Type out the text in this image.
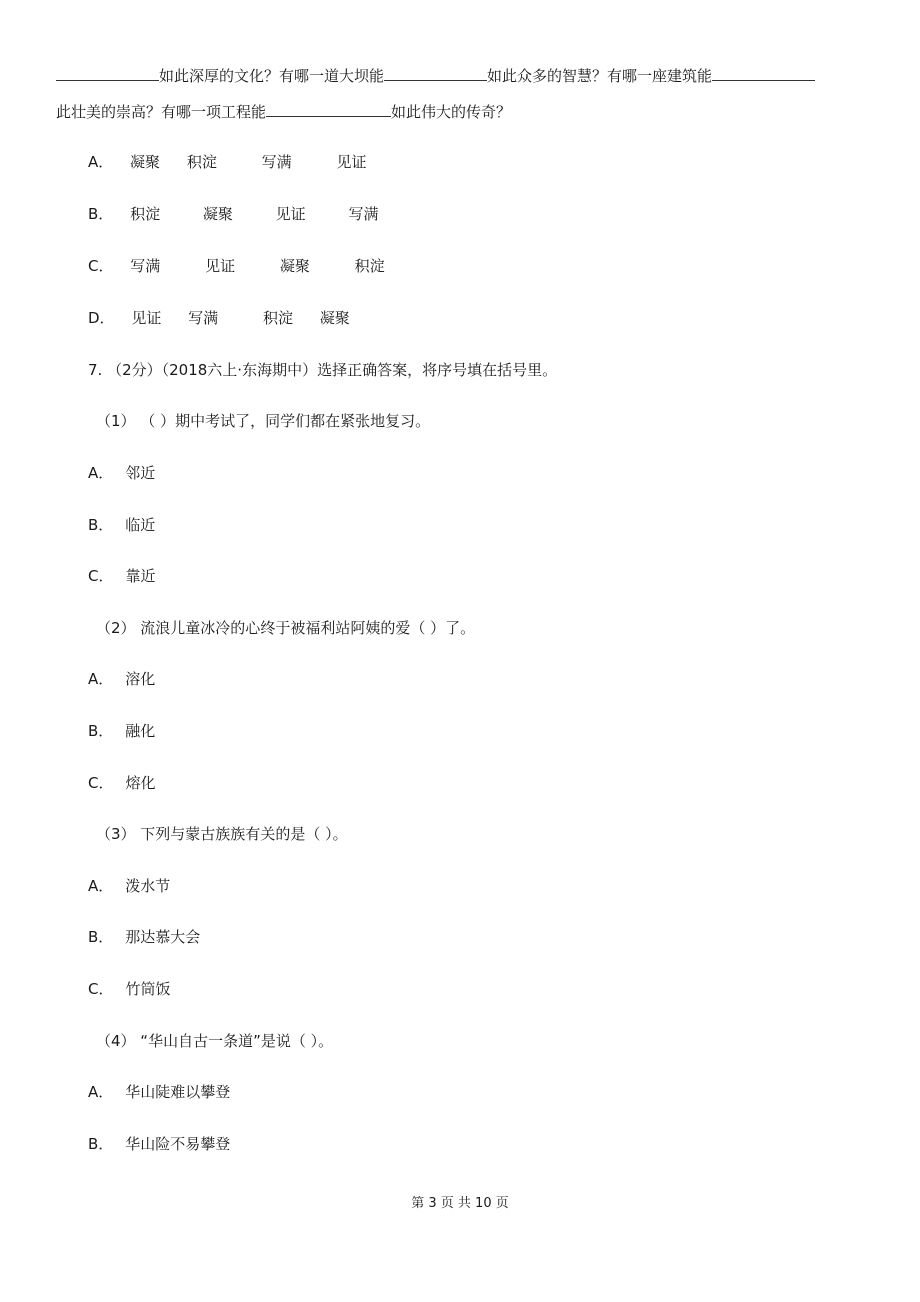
如此深厚的文化？有哪一道大坝能	如此众多的智慧？有哪一座建筑能
此壮美的崇高？有哪一项工程能	如此伟大的传奇？
A． 凝聚 积淀	写满	见证
B． 积淀	凝聚	见证	写满
C． 写满	见证	凝聚	积淀
D． 见证 写满	积淀 凝聚
7. （2分）（2018六上·东海期中）选择正确答案，将序号填在括号里。
（1） （ ）期中考试了，同学们都在紧张地复习。
A． 邻近
B． 临近
C． 靠近
（2） 流浪儿童冰冷的心终于被福利站阿姨的爱（ ）了。
A． 溶化
B． 融化
C． 熔化
（3） 下列与蒙古族族有关的是（ ）。
A． 泼水节
B． 那达慕大会
C． 竹筒饭
（4） “华山自古一条道”是说（ ）。
A． 华山陡难以攀登
B． 华山险不易攀登
第 3 页 共 10 页
